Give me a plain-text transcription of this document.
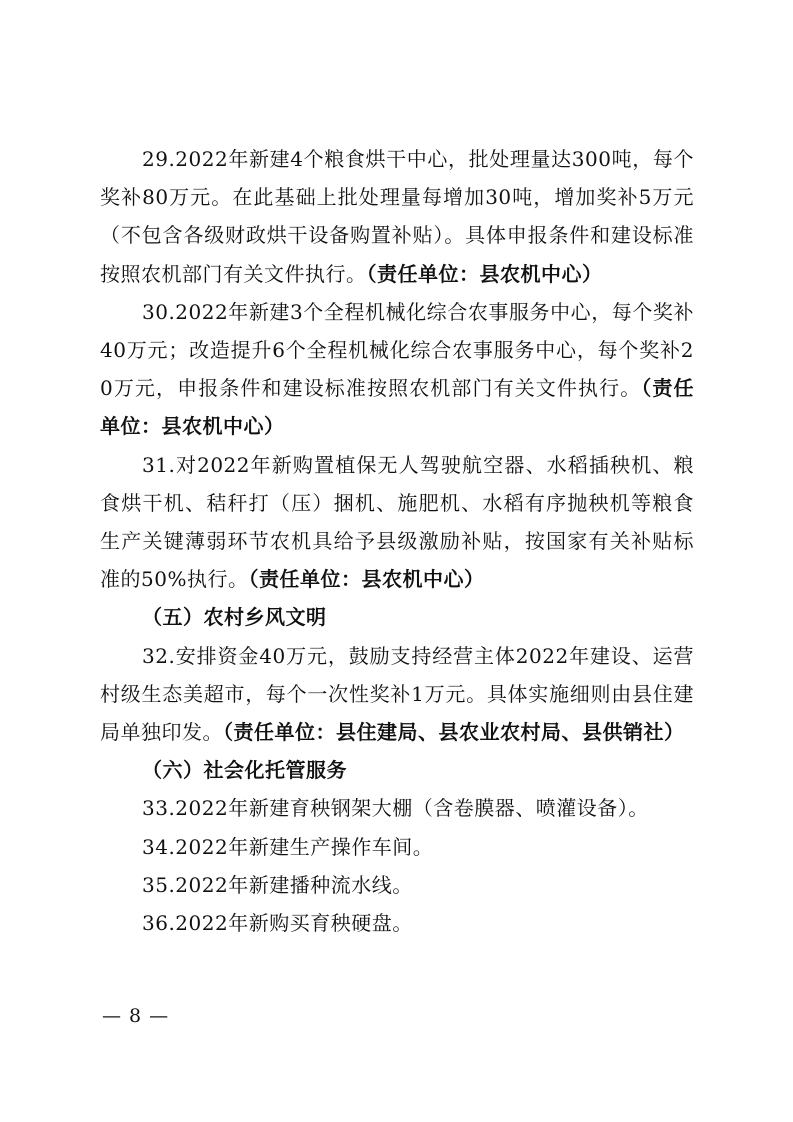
29.2022年新建4个粮食烘干中心，批处理量达300吨，每个奖补80万元。在此基础上批处理量每增加30吨，增加奖补5万元（不包含各级财政烘干设备购置补贴）。具体申报条件和建设标准按照农机部门有关文件执行。（责任单位：县农机中心）

30.2022年新建3个全程机械化综合农事服务中心，每个奖补40万元；改造提升6个全程机械化综合农事服务中心，每个奖补20万元，申报条件和建设标准按照农机部门有关文件执行。（责任单位：县农机中心）

31.对2022年新购置植保无人驾驶航空器、水稻插秧机、粮食烘干机、秸秆打（压）捆机、施肥机、水稻有序抛秧机等粮食生产关键薄弱环节农机具给予县级激励补贴，按国家有关补贴标准的50%执行。（责任单位：县农机中心）

（五）农村乡风文明

32.安排资金40万元，鼓励支持经营主体2022年建设、运营村级生态美超市，每个一次性奖补1万元。具体实施细则由县住建局单独印发。（责任单位：县住建局、县农业农村局、县供销社）

（六）社会化托管服务

33.2022年新建育秧钢架大棚（含卷膜器、喷灌设备）。

34.2022年新建生产操作车间。

35.2022年新建播种流水线。

36.2022年新购买育秧硬盘。

— 8 —
